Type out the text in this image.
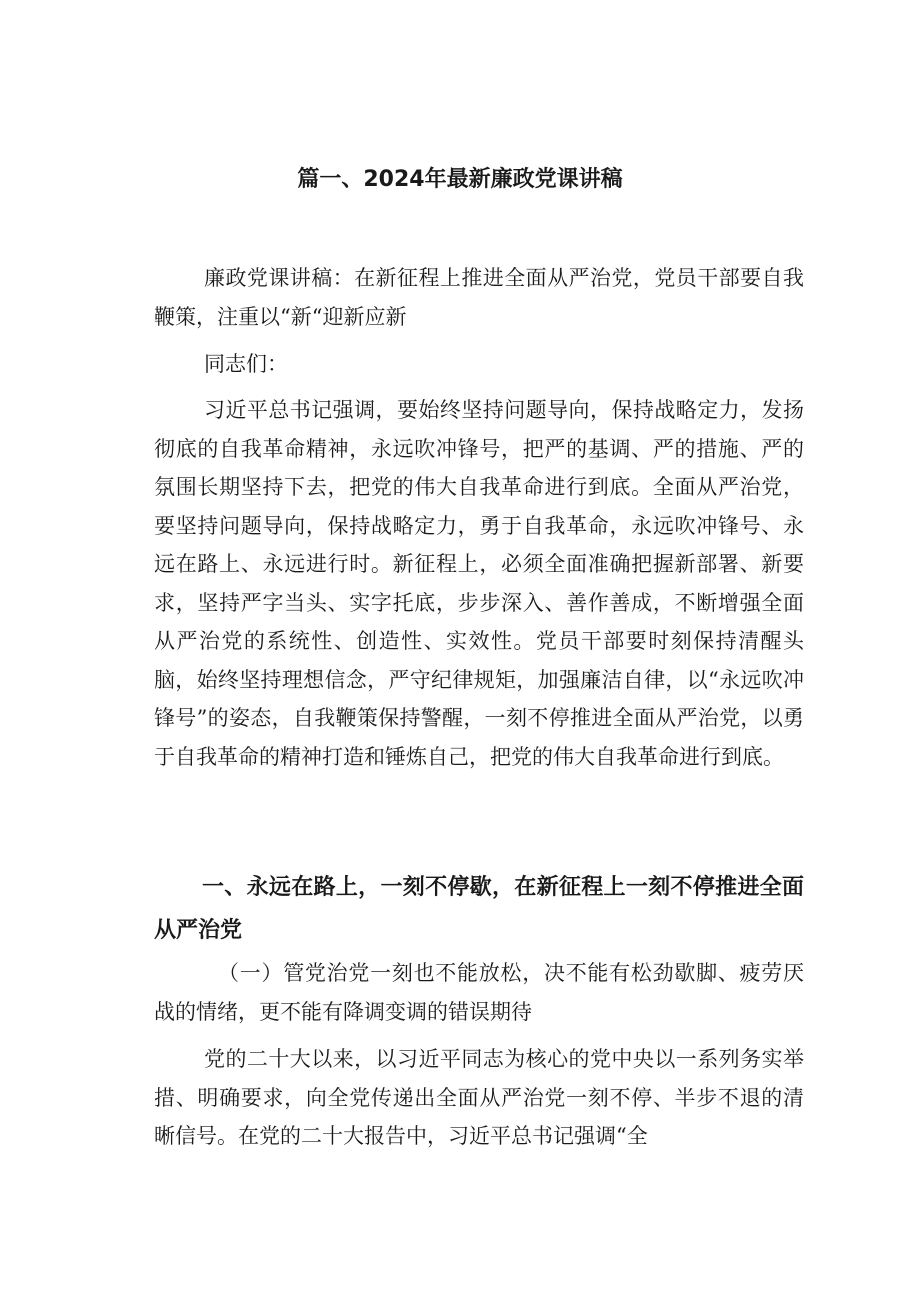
篇一、2024年最新廉政党课讲稿

廉政党课讲稿：在新征程上推进全面从严治党，党员干部要自我鞭策，注重以“新“迎新应新

同志们：

习近平总书记强调，要始终坚持问题导向，保持战略定力，发扬彻底的自我革命精神，永远吹冲锋号，把严的基调、严的措施、严的氛围长期坚持下去，把党的伟大自我革命进行到底。全面从严治党，要坚持问题导向，保持战略定力，勇于自我革命，永远吹冲锋号、永远在路上、永远进行时。新征程上，必须全面准确把握新部署、新要求，坚持严字当头、实字托底，步步深入、善作善成，不断增强全面从严治党的系统性、创造性、实效性。党员干部要时刻保持清醒头脑，始终坚持理想信念，严守纪律规矩，加强廉洁自律，以“永远吹冲锋号”的姿态，自我鞭策保持警醒，一刻不停推进全面从严治党，以勇于自我革命的精神打造和锤炼自己，把党的伟大自我革命进行到底。

一、永远在路上，一刻不停歇，在新征程上一刻不停推进全面从严治党

（一）管党治党一刻也不能放松，决不能有松劲歇脚、疲劳厌战的情绪，更不能有降调变调的错误期待

党的二十大以来，以习近平同志为核心的党中央以一系列务实举措、明确要求，向全党传递出全面从严治党一刻不停、半步不退的清晰信号。在党的二十大报告中，习近平总书记强调“全
